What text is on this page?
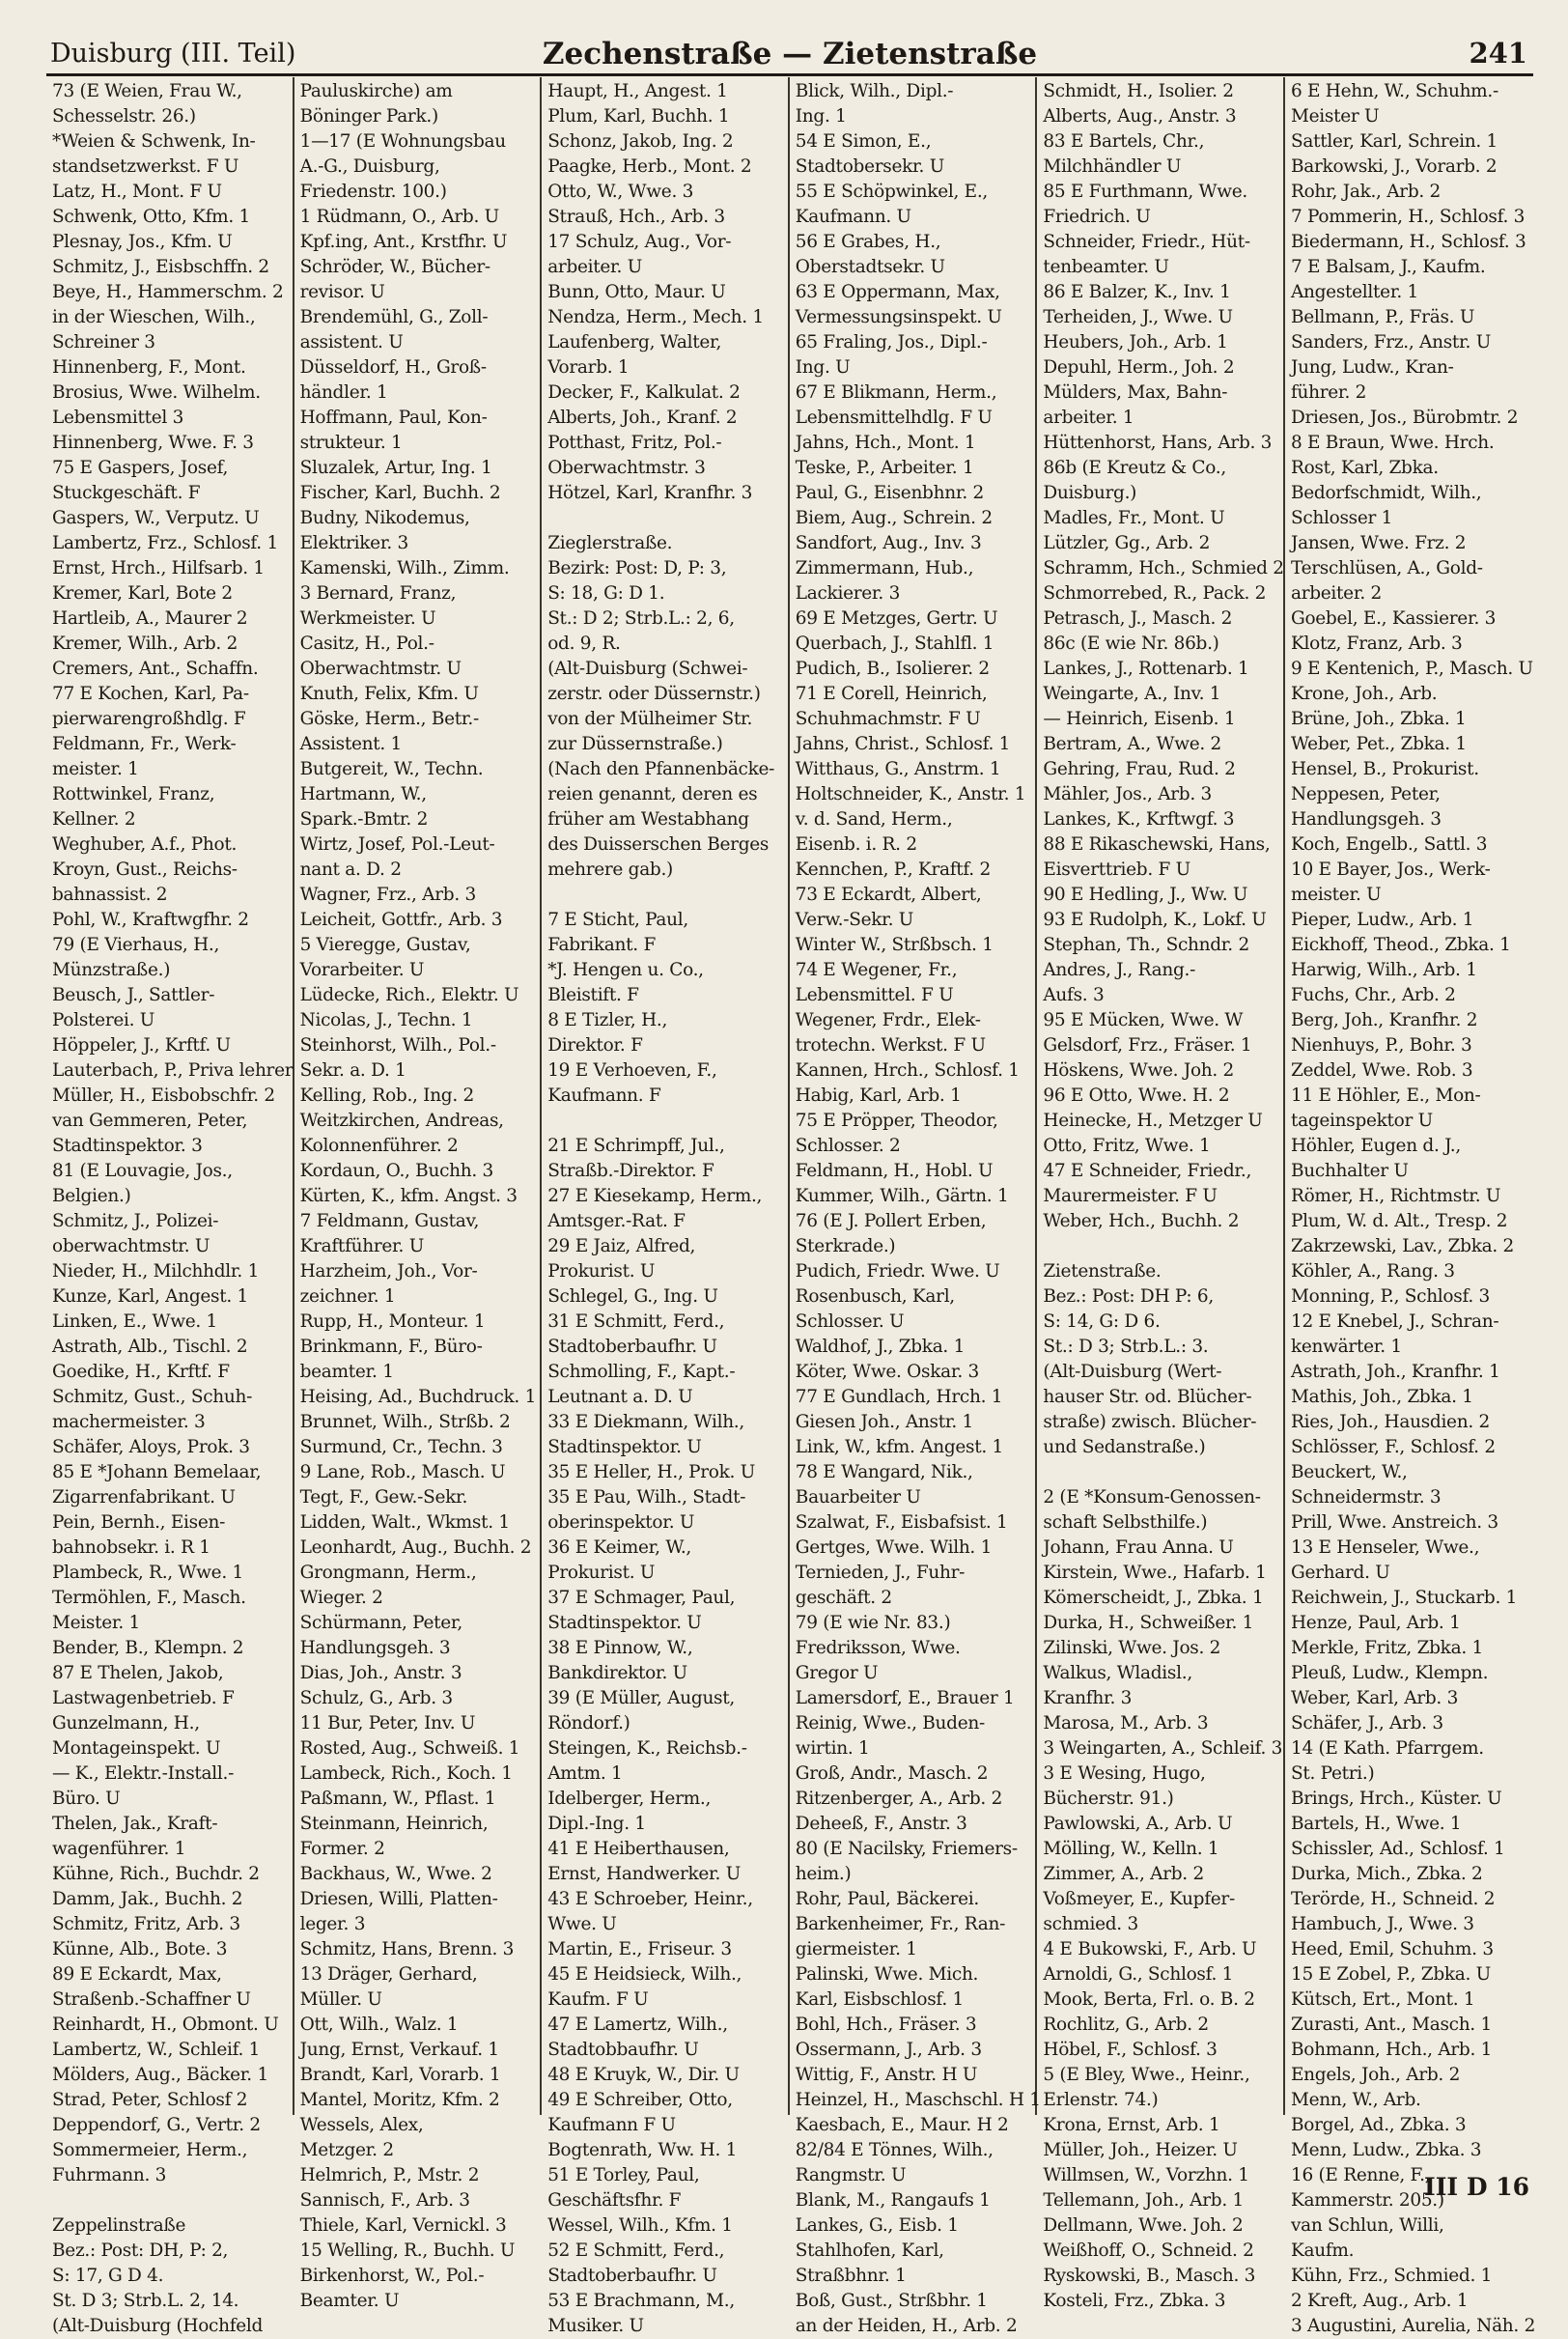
Duisburg (III. Teil)	Zechenstraße — Zietenstraße	241
73 (E Weien, Frau W.,
Schesselstr. 26.)
*Weien & Schwenk, In-
standsetzwerkst. F U
Latz, H., Mont. F U
Schwenk, Otto, Kfm. 1
Plesnay, Jos., Kfm. U
Schmitz, J., Eisbschffn. 2
Beye, H., Hammerschm. 2
in der Wieschen, Wilh.,
Schreiner 3
Hinnenberg, F., Mont.
Brosius, Wwe. Wilhelm.
Lebensmittel 3
Hinnenberg, Wwe. F. 3
75 E Gaspers, Josef,
Stuckgeschäft. F
Gaspers, W., Verputz. U
Lambertz, Frz., Schlosf. 1
Ernst, Hrch., Hilfsarb. 1
Kremer, Karl, Bote 2
Hartleib, A., Maurer 2
Kremer, Wilh., Arb. 2
Cremers, Ant., Schaffn.
77 E Kochen, Karl, Pa-
pierwarengroßhdlg. F
Feldmann, Fr., Werk-
meister. 1
Rottwinkel, Franz,
Kellner. 2
Weghuber, A.f., Phot.
Kroyn, Gust., Reichs-
bahnassist. 2
Pohl, W., Kraftwgfhr. 2
79 (E Vierhaus, H.,
Münzstraße.)
Beusch, J., Sattler-
Polsterei. U
Höppeler, J., Krftf. U
Lauterbach, P., Priva lehrer
Müller, H., Eisbobschfr. 2
van Gemmeren, Peter,
Stadtinspektor. 3
81 (E Louvagie, Jos.,
Belgien.)
Schmitz, J., Polizei-
oberwachtmstr. U
Nieder, H., Milchhdlr. 1
Kunze, Karl, Angest. 1
Linken, E., Wwe. 1
Astrath, Alb., Tischl. 2
Goedike, H., Krftf. F
Schmitz, Gust., Schuh-
machermeister. 3
Schäfer, Aloys, Prok. 3
85 E *Johann Bemelaar,
Zigarrenfabrikant. U
Pein, Bernh., Eisen-
bahnobsekr. i. R 1
Plambeck, R., Wwe. 1
Termöhlen, F., Masch.
Meister. 1
Bender, B., Klempn. 2
87 E Thelen, Jakob,
Lastwagenbetrieb. F
Gunzelmann, H.,
Montageinspekt. U
— K., Elektr.-Install.-
Büro. U
Thelen, Jak., Kraft-
wagenführer. 1
Kühne, Rich., Buchdr. 2
Damm, Jak., Buchh. 2
Schmitz, Fritz, Arb. 3
Künne, Alb., Bote. 3
89 E Eckardt, Max,
Straßenb.-Schaffner U
Reinhardt, H., Obmont. U
Lambertz, W., Schleif. 1
Mölders, Aug., Bäcker. 1
Strad, Peter, Schlosf 2
Deppendorf, G., Vertr. 2
Sommermeier, Herm.,
Fuhrmann. 3
Zeppelinstraße
Bez.: Post: DH, P: 2,
S: 17, G D 4.
St. D 3; Strb.L. 2, 14.
(Alt-Duisburg (Hochfeld
Pauluskirche) am
Böninger Park.)
1—17 (E Wohnungsbau
A.-G., Duisburg,
Friedenstr. 100.)
1 Rüdmann, O., Arb. U
Kpf.ing, Ant., Krstfhr. U
Schröder, W., Bücher-
revisor. U
Brendemühl, G., Zoll-
assistent. U
Düsseldorf, H., Groß-
händler. 1
Hoffmann, Paul, Kon-
strukteur. 1
Sluzalek, Artur, Ing. 1
Fischer, Karl, Buchh. 2
Budny, Nikodemus,
Elektriker. 3
Kamenski, Wilh., Zimm.
3 Bernard, Franz,
Werkmeister. U
Casitz, H., Pol.-
Oberwachtmstr. U
Knuth, Felix, Kfm. U
Göske, Herm., Betr.-
Assistent. 1
Butgereit, W., Techn.
Hartmann, W.,
Spark.-Bmtr. 2
Wirtz, Josef, Pol.-Leut-
nant a. D. 2
Wagner, Frz., Arb. 3
Leicheit, Gottfr., Arb. 3
5 Vieregge, Gustav,
Vorarbeiter. U
Lüdecke, Rich., Elektr. U
Nicolas, J., Techn. 1
Steinhorst, Wilh., Pol.-
Sekr. a. D. 1
Kelling, Rob., Ing. 2
Weitzkirchen, Andreas,
Kolonnenführer. 2
Kordaun, O., Buchh. 3
Kürten, K., kfm. Angst. 3
7 Feldmann, Gustav,
Kraftführer. U
Harzheim, Joh., Vor-
zeichner. 1
Rupp, H., Monteur. 1
Brinkmann, F., Büro-
beamter. 1
Heising, Ad., Buchdruck. 1
Brunnet, Wilh., Strßb. 2
Surmund, Cr., Techn. 3
9 Lane, Rob., Masch. U
Tegt, F., Gew.-Sekr.
Lidden, Walt., Wkmst. 1
Leonhardt, Aug., Buchh. 2
Grongmann, Herm.,
Wieger. 2
Schürmann, Peter,
Handlungsgeh. 3
Dias, Joh., Anstr. 3
Schulz, G., Arb. 3
11 Bur, Peter, Inv. U
Rosted, Aug., Schweiß. 1
Lambeck, Rich., Koch. 1
Paßmann, W., Pflast. 1
Steinmann, Heinrich,
Former. 2
Backhaus, W., Wwe. 2
Driesen, Willi, Platten-
leger. 3
Schmitz, Hans, Brenn. 3
13 Dräger, Gerhard,
Müller. U
Ott, Wilh., Walz. 1
Jung, Ernst, Verkauf. 1
Brandt, Karl, Vorarb. 1
Mantel, Moritz, Kfm. 2
Wessels, Alex,
Metzger. 2
Helmrich, P., Mstr. 2
Sannisch, F., Arb. 3
Thiele, Karl, Vernickl. 3
15 Welling, R., Buchh. U
Birkenhorst, W., Pol.-
Beamter. U
Haupt, H., Angest. 1
Plum, Karl, Buchh. 1
Schonz, Jakob, Ing. 2
Paagke, Herb., Mont. 2
Otto, W., Wwe. 3
Strauß, Hch., Arb. 3
17 Schulz, Aug., Vor-
arbeiter. U
Bunn, Otto, Maur. U
Nendza, Herm., Mech. 1
Laufenberg, Walter,
Vorarb. 1
Decker, F., Kalkulat. 2
Alberts, Joh., Kranf. 2
Potthast, Fritz, Pol.-
Oberwachtmstr. 3
Hötzel, Karl, Kranfhr. 3
Zieglerstraße.
Bezirk: Post: D, P: 3,
S: 18, G: D 1.
St.: D 2; Strb.L.: 2, 6,
od. 9, R.
(Alt-Duisburg (Schwei-
zerstr. oder Düssernstr.)
von der Mülheimer Str.
zur Düssernstraße.)
(Nach den Pfannenbäcke-
reien genannt, deren es
früher am Westabhang
des Duisserschen Berges
mehrere gab.)
7 E Sticht, Paul,
Fabrikant. F
*J. Hengen u. Co.,
Bleistift. F
8 E Tizler, H.,
Direktor. F
19 E Verhoeven, F.,
Kaufmann. F
21 E Schrimpff, Jul.,
Straßb.-Direktor. F
27 E Kiesekamp, Herm.,
Amtsger.-Rat. F
29 E Jaiz, Alfred,
Prokurist. U
Schlegel, G., Ing. U
31 E Schmitt, Ferd.,
Stadtoberbaufhr. U
Schmolling, F., Kapt.-
Leutnant a. D. U
33 E Diekmann, Wilh.,
Stadtinspektor. U
35 E Heller, H., Prok. U
35 E Pau, Wilh., Stadt-
oberinspektor. U
36 E Keimer, W.,
Prokurist. U
37 E Schmager, Paul,
Stadtinspektor. U
38 E Pinnow, W.,
Bankdirektor. U
39 (E Müller, August,
Röndorf.)
Steingen, K., Reichsb.-
Amtm. 1
Idelberger, Herm.,
Dipl.-Ing. 1
41 E Heiberthausen,
Ernst, Handwerker. U
43 E Schroeber, Heinr.,
Wwe. U
Martin, E., Friseur. 3
45 E Heidsieck, Wilh.,
Kaufm. F U
47 E Lamertz, Wilh.,
Stadtobbaufhr. U
48 E Kruyk, W., Dir. U
49 E Schreiber, Otto,
Kaufmann F U
Bogtenrath, Ww. H. 1
51 E Torley, Paul,
Geschäftsfhr. F
Wessel, Wilh., Kfm. 1
52 E Schmitt, Ferd.,
Stadtoberbaufhr. U
53 E Brachmann, M.,
Musiker. U
Blick, Wilh., Dipl.-
Ing. 1
54 E Simon, E.,
Stadtobersekr. U
55 E Schöpwinkel, E.,
Kaufmann. U
56 E Grabes, H.,
Oberstadtsekr. U
63 E Oppermann, Max,
Vermessungsinspekt. U
65 Fraling, Jos., Dipl.-
Ing. U
67 E Blikmann, Herm.,
Lebensmittelhdlg. F U
Jahns, Hch., Mont. 1
Teske, P., Arbeiter. 1
Paul, G., Eisenbhnr. 2
Biem, Aug., Schrein. 2
Sandfort, Aug., Inv. 3
Zimmermann, Hub.,
Lackierer. 3
69 E Metzges, Gertr. U
Querbach, J., Stahlfl. 1
Pudich, B., Isolierer. 2
71 E Corell, Heinrich,
Schuhmachmstr. F U
Jahns, Christ., Schlosf. 1
Witthaus, G., Anstrm. 1
Holtschneider, K., Anstr. 1
v. d. Sand, Herm.,
Eisenb. i. R. 2
Kennchen, P., Kraftf. 2
73 E Eckardt, Albert,
Verw.-Sekr. U
Winter W., Strßbsch. 1
74 E Wegener, Fr.,
Lebensmittel. F U
Wegener, Frdr., Elek-
trotechn. Werkst. F U
Kannen, Hrch., Schlosf. 1
Habig, Karl, Arb. 1
75 E Pröpper, Theodor,
Schlosser. 2
Feldmann, H., Hobl. U
Kummer, Wilh., Gärtn. 1
76 (E J. Pollert Erben,
Sterkrade.)
Pudich, Friedr. Wwe. U
Rosenbusch, Karl,
Schlosser. U
Waldhof, J., Zbka. 1
Köter, Wwe. Oskar. 3
77 E Gundlach, Hrch. 1
Giesen Joh., Anstr. 1
Link, W., kfm. Angest. 1
78 E Wangard, Nik.,
Bauarbeiter U
Szalwat, F., Eisbafsist. 1
Gertges, Wwe. Wilh. 1
Ternieden, J., Fuhr-
geschäft. 2
79 (E wie Nr. 83.)
Fredriksson, Wwe.
Gregor U
Lamersdorf, E., Brauer 1
Reinig, Wwe., Buden-
wirtin. 1
Groß, Andr., Masch. 2
Ritzenberger, A., Arb. 2
Deheeß, F., Anstr. 3
80 (E Nacilsky, Friemers-
heim.)
Rohr, Paul, Bäckerei.
Barkenheimer, Fr., Ran-
giermeister. 1
Palinski, Wwe. Mich.
Karl, Eisbschlosf. 1
Bohl, Hch., Fräser. 3
Ossermann, J., Arb. 3
Wittig, F., Anstr. H U
Heinzel, H., Maschschl. H 1
Kaesbach, E., Maur. H 2
82/84 E Tönnes, Wilh.,
Rangmstr. U
Blank, M., Rangaufs 1
Lankes, G., Eisb. 1
Stahlhofen, Karl,
Straßbhnr. 1
Boß, Gust., Strßbhr. 1
an der Heiden, H., Arb. 2
Schmidt, H., Isolier. 2
Alberts, Aug., Anstr. 3
83 E Bartels, Chr.,
Milchhändler U
85 E Furthmann, Wwe.
Friedrich. U
Schneider, Friedr., Hüt-
tenbeamter. U
86 E Balzer, K., Inv. 1
Terheiden, J., Wwe. U
Heubers, Joh., Arb. 1
Depuhl, Herm., Joh. 2
Mülders, Max, Bahn-
arbeiter. 1
Hüttenhorst, Hans, Arb. 3
86b (E Kreutz & Co.,
Duisburg.)
Madles, Fr., Mont. U
Lützler, Gg., Arb. 2
Schramm, Hch., Schmied 2
Schmorrebed, R., Pack. 2
Petrasch, J., Masch. 2
86c (E wie Nr. 86b.)
Lankes, J., Rottenarb. 1
Weingarte, A., Inv. 1
— Heinrich, Eisenb. 1
Bertram, A., Wwe. 2
Gehring, Frau, Rud. 2
Mähler, Jos., Arb. 3
Lankes, K., Krftwgf. 3
88 E Rikaschewski, Hans,
Eisverttrieb. F U
90 E Hedling, J., Ww. U
93 E Rudolph, K., Lokf. U
Stephan, Th., Schndr. 2
Andres, J., Rang.-
Aufs. 3
95 E Mücken, Wwe. W
Gelsdorf, Frz., Fräser. 1
Höskens, Wwe. Joh. 2
96 E Otto, Wwe. H. 2
Heinecke, H., Metzger U
Otto, Fritz, Wwe. 1
47 E Schneider, Friedr.,
Maurermeister. F U
Weber, Hch., Buchh. 2
Zietenstraße.
Bez.: Post: DH P: 6,
S: 14, G: D 6.
St.: D 3; Strb.L.: 3.
(Alt-Duisburg (Wert-
hauser Str. od. Blücher-
straße) zwisch. Blücher-
und Sedanstraße.)
2 (E *Konsum-Genossen-
schaft Selbsthilfe.)
Johann, Frau Anna. U
Kirstein, Wwe., Hafarb. 1
Kömerscheidt, J., Zbka. 1
Durka, H., Schweißer. 1
Zilinski, Wwe. Jos. 2
Walkus, Wladisl.,
Kranfhr. 3
Marosa, M., Arb. 3
3 Weingarten, A., Schleif. 3
3 E Wesing, Hugo,
Bücherstr. 91.)
Pawlowski, A., Arb. U
Mölling, W., Kelln. 1
Zimmer, A., Arb. 2
Voßmeyer, E., Kupfer-
schmied. 3
4 E Bukowski, F., Arb. U
Arnoldi, G., Schlosf. 1
Mook, Berta, Frl. o. B. 2
Rochlitz, G., Arb. 2
Höbel, F., Schlosf. 3
5 (E Bley, Wwe., Heinr.,
Erlenstr. 74.)
Krona, Ernst, Arb. 1
Müller, Joh., Heizer. U
Willmsen, W., Vorzhn. 1
Tellemann, Joh., Arb. 1
Dellmann, Wwe. Joh. 2
Weißhoff, O., Schneid. 2
Ryskowski, B., Masch. 3
Kosteli, Frz., Zbka. 3
6 E Hehn, W., Schuhm.-
Meister U
Sattler, Karl, Schrein. 1
Barkowski, J., Vorarb. 2
Rohr, Jak., Arb. 2
7 Pommerin, H., Schlosf. 3
Biedermann, H., Schlosf. 3
7 E Balsam, J., Kaufm.
Angestellter. 1
Bellmann, P., Fräs. U
Sanders, Frz., Anstr. U
Jung, Ludw., Kran-
führer. 2
Driesen, Jos., Bürobmtr. 2
8 E Braun, Wwe. Hrch.
Rost, Karl, Zbka.
Bedorfschmidt, Wilh.,
Schlosser 1
Jansen, Wwe. Frz. 2
Terschlüsen, A., Gold-
arbeiter. 2
Goebel, E., Kassierer. 3
Klotz, Franz, Arb. 3
9 E Kentenich, P., Masch. U
Krone, Joh., Arb.
Brüne, Joh., Zbka. 1
Weber, Pet., Zbka. 1
Hensel, B., Prokurist.
Neppesen, Peter,
Handlungsgeh. 3
Koch, Engelb., Sattl. 3
10 E Bayer, Jos., Werk-
meister. U
Pieper, Ludw., Arb. 1
Eickhoff, Theod., Zbka. 1
Harwig, Wilh., Arb. 1
Fuchs, Chr., Arb. 2
Berg, Joh., Kranfhr. 2
Nienhuys, P., Bohr. 3
Zeddel, Wwe. Rob. 3
11 E Höhler, E., Mon-
tageinspektor U
Höhler, Eugen d. J.,
Buchhalter U
Römer, H., Richtmstr. U
Plum, W. d. Alt., Tresp. 2
Zakrzewski, Lav., Zbka. 2
Köhler, A., Rang. 3
Monning, P., Schlosf. 3
12 E Knebel, J., Schran-
kenwärter. 1
Astrath, Joh., Kranfhr. 1
Mathis, Joh., Zbka. 1
Ries, Joh., Hausdien. 2
Schlösser, F., Schlosf. 2
Beuckert, W.,
Schneidermstr. 3
Prill, Wwe. Anstreich. 3
13 E Henseler, Wwe.,
Gerhard. U
Reichwein, J., Stuckarb. 1
Henze, Paul, Arb. 1
Merkle, Fritz, Zbka. 1
Pleuß, Ludw., Klempn.
Weber, Karl, Arb. 3
Schäfer, J., Arb. 3
14 (E Kath. Pfarrgem.
St. Petri.)
Brings, Hrch., Küster. U
Bartels, H., Wwe. 1
Schissler, Ad., Schlosf. 1
Durka, Mich., Zbka. 2
Terörde, H., Schneid. 2
Hambuch, J., Wwe. 3
Heed, Emil, Schuhm. 3
15 E Zobel, P., Zbka. U
Kütsch, Ert., Mont. 1
Zurasti, Ant., Masch. 1
Bohmann, Hch., Arb. 1
Engels, Joh., Arb. 2
Menn, W., Arb.
Borgel, Ad., Zbka. 3
Menn, Ludw., Zbka. 3
16 (E Renne, F.,
Kammerstr. 205.)
van Schlun, Willi,
Kaufm.
Kühn, Frz., Schmied. 1
2 Kreft, Aug., Arb. 1
3 Augustini, Aurelia, Näh. 2
III D 16
